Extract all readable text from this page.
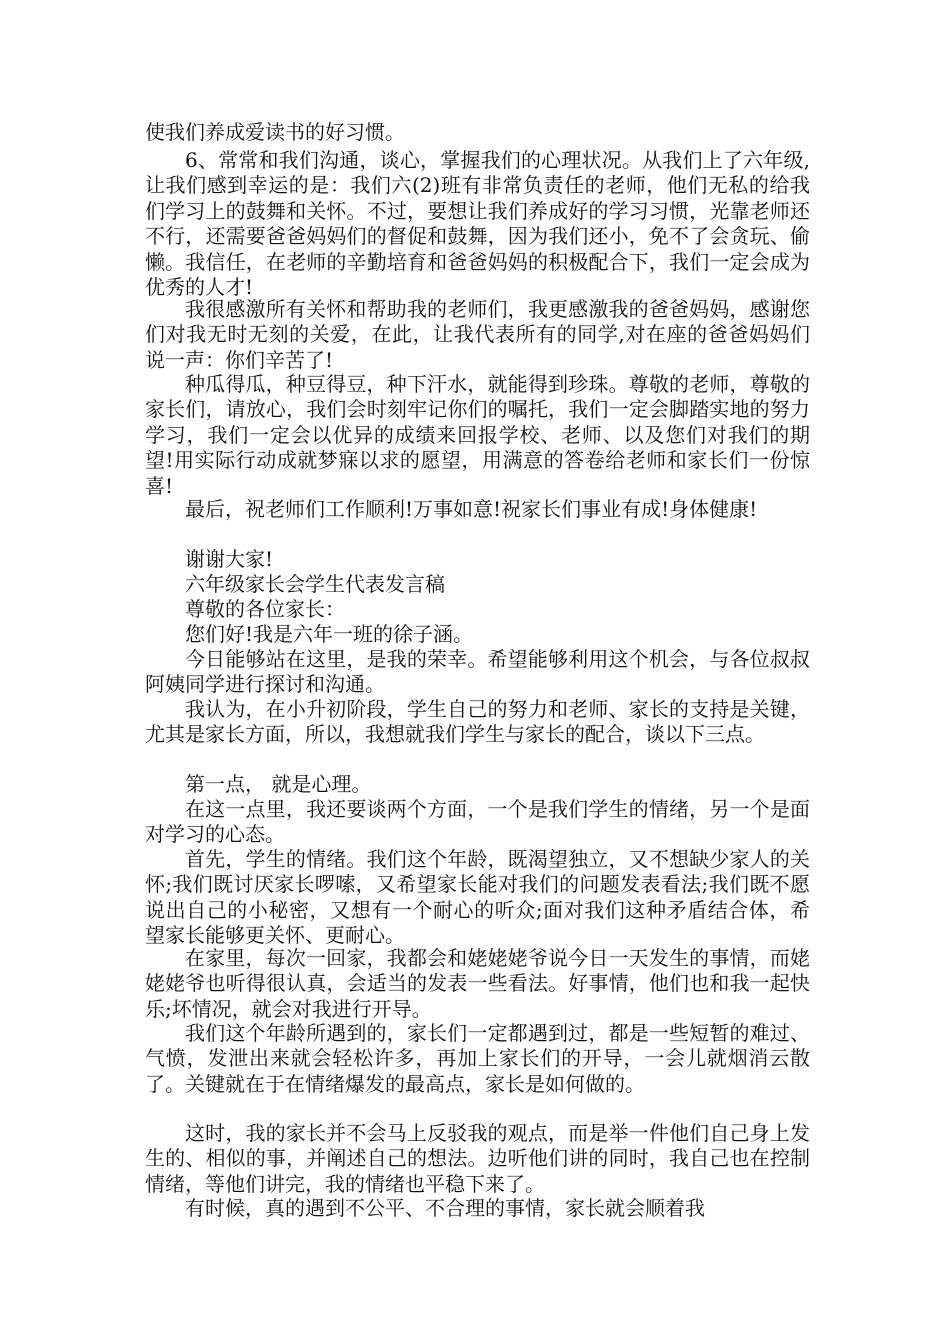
使我们养成爱读书的好习惯。

6、常常和我们沟通，谈心，掌握我们的心理状况。从我们上了六年级,让我们感到幸运的是：我们六(2)班有非常负责任的老师，他们无私的给我们学习上的鼓舞和关怀。不过，要想让我们养成好的学习习惯，光靠老师还不行，还需要爸爸妈妈们的督促和鼓舞，因为我们还小，免不了会贪玩、偷懒。我信任，在老师的辛勤培育和爸爸妈妈的积极配合下，我们一定会成为优秀的人才!

我很感激所有关怀和帮助我的老师们，我更感激我的爸爸妈妈，感谢您们对我无时无刻的关爱，在此，让我代表所有的同学,对在座的爸爸妈妈们说一声：你们辛苦了!

种瓜得瓜，种豆得豆，种下汗水，就能得到珍珠。尊敬的老师，尊敬的家长们，请放心，我们会时刻牢记你们的嘱托，我们一定会脚踏实地的努力学习，我们一定会以优异的成绩来回报学校、老师、以及您们对我们的期望!用实际行动成就梦寐以求的愿望，用满意的答卷给老师和家长们一份惊喜!

最后，祝老师们工作顺利!万事如意!祝家长们事业有成!身体健康!

谢谢大家!

六年级家长会学生代表发言稿

尊敬的各位家长：

您们好!我是六年一班的徐子涵。

今日能够站在这里，是我的荣幸。希望能够利用这个机会，与各位叔叔阿姨同学进行探讨和沟通。

我认为，在小升初阶段，学生自己的努力和老师、家长的支持是关键，尤其是家长方面，所以，我想就我们学生与家长的配合，谈以下三点。

第一点， 就是心理。

在这一点里，我还要谈两个方面，一个是我们学生的情绪，另一个是面对学习的心态。

首先，学生的情绪。我们这个年龄，既渴望独立，又不想缺少家人的关怀;我们既讨厌家长啰嗦，又希望家长能对我们的问题发表看法;我们既不愿说出自己的小秘密，又想有一个耐心的听众;面对我们这种矛盾结合体，希望家长能够更关怀、更耐心。

在家里，每次一回家，我都会和姥姥姥爷说今日一天发生的事情，而姥姥姥爷也听得很认真，会适当的发表一些看法。好事情，他们也和我一起快乐;坏情况，就会对我进行开导。

我们这个年龄所遇到的，家长们一定都遇到过，都是一些短暂的难过、气愤，发泄出来就会轻松许多，再加上家长们的开导，一会儿就烟消云散了。关键就在于在情绪爆发的最高点，家长是如何做的。

这时，我的家长并不会马上反驳我的观点，而是举一件他们自己身上发生的、相似的事，并阐述自己的想法。边听他们讲的同时，我自己也在控制情绪，等他们讲完，我的情绪也平稳下来了。

有时候，真的遇到不公平、不合理的事情，家长就会顺着我
